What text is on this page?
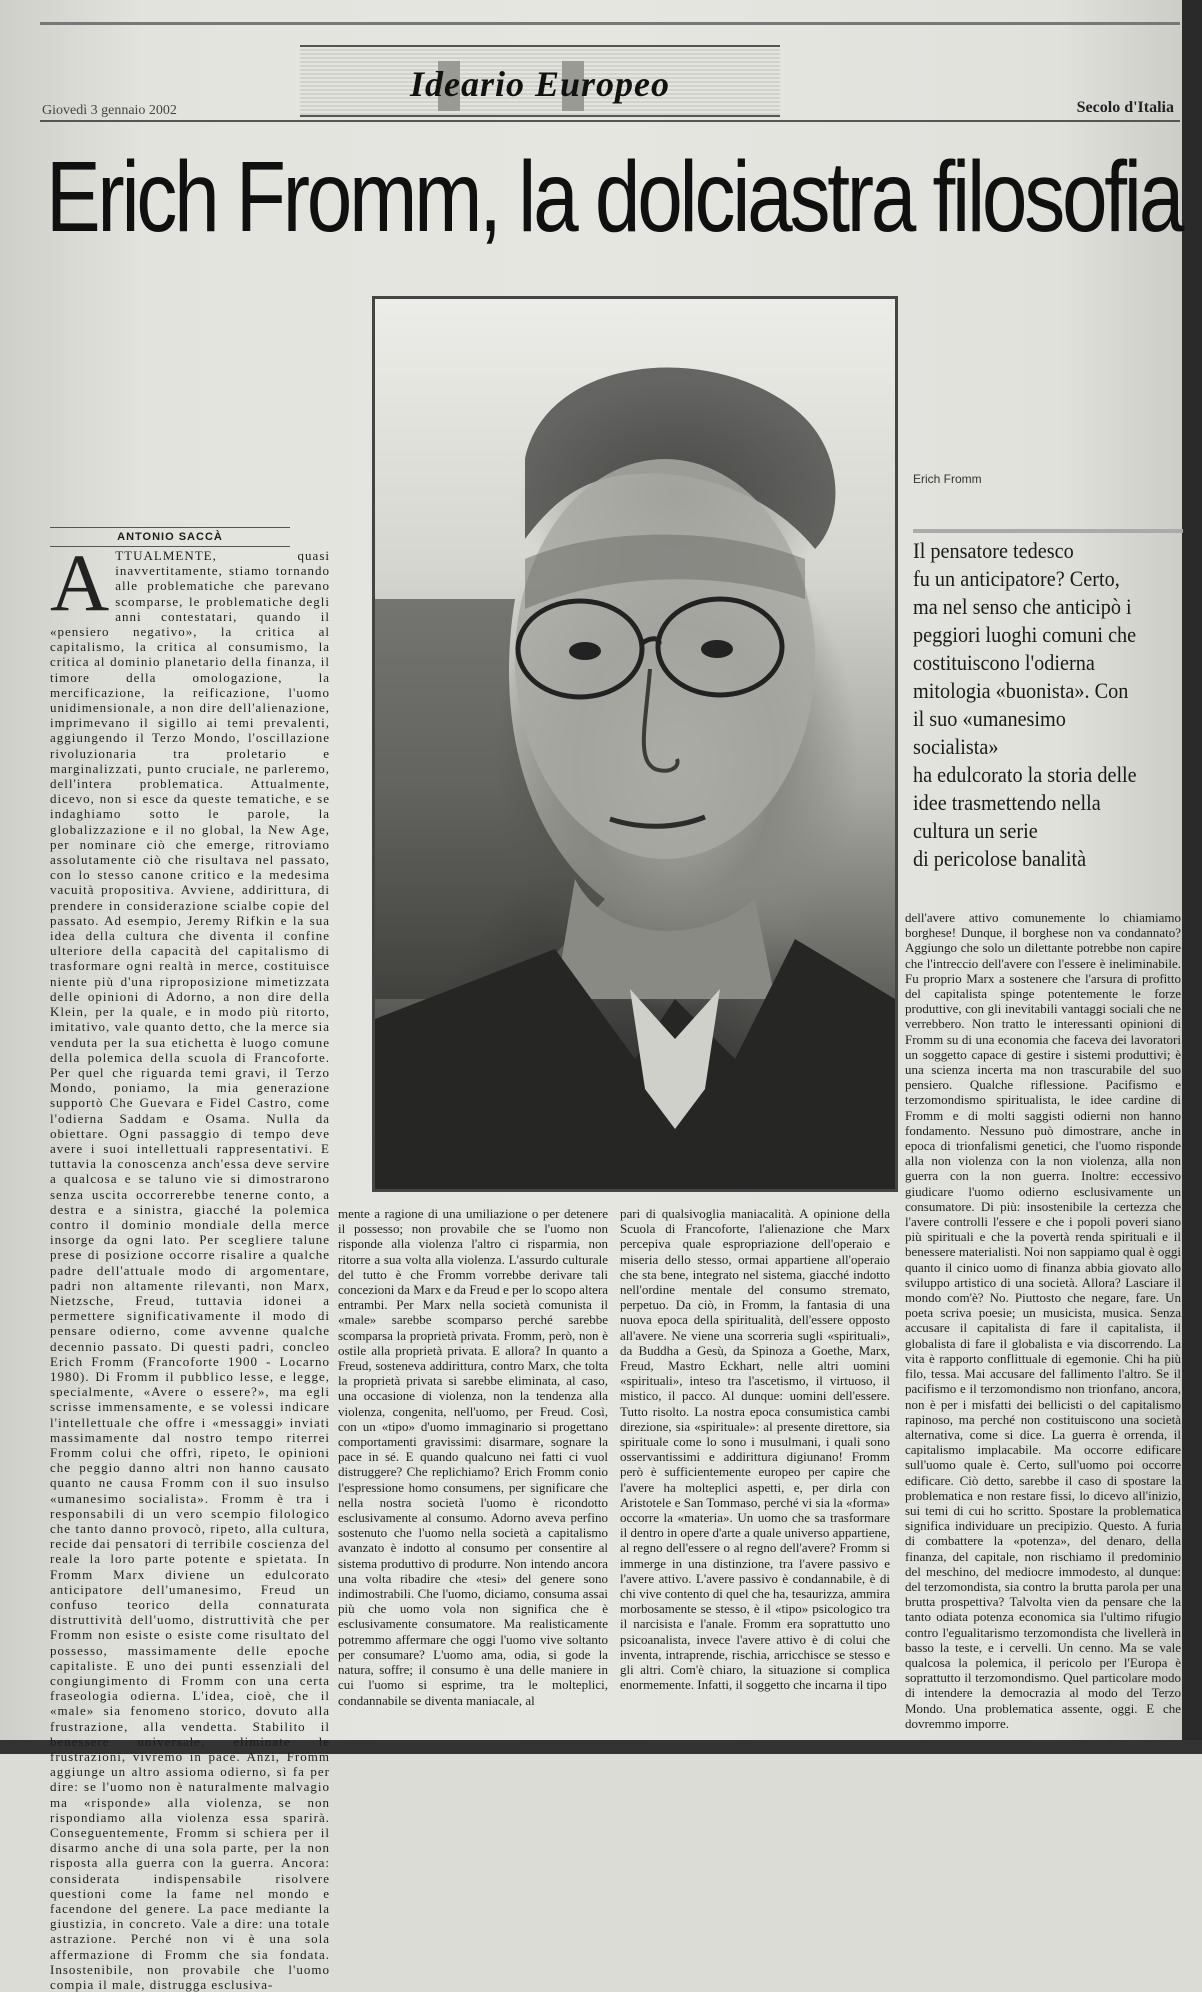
Giovedì 3 gennaio 2002
Ideario Europeo
Secolo d'Italia
Erich Fromm, la dolciastra filosofia
Erich Fromm
ANTONIO SACCÀ

ATTUALMENTE, quasi inavvertitamente, stiamo tornando alle problematiche che parevano scomparse, le problematiche degli anni contestatari, quando il «pensiero negativo», la critica al capitalismo, la critica al consumismo, la critica al dominio planetario della finanza, il timore della omologazione, la mercificazione, la reificazione, l'uomo unidimensionale, a non dire dell'alienazione, imprimevano il sigillo ai temi prevalenti, aggiungendo il Terzo Mondo, l'oscillazione rivoluzionaria tra proletario e marginalizzati, punto cruciale, ne parleremo, dell'intera problematica. Attualmente, dicevo, non si esce da queste tematiche, e se indaghiamo sotto le parole, la globalizzazione e il no global, la New Age, per nominare ciò che emerge, ritroviamo assolutamente ciò che risultava nel passato, con lo stesso canone critico e la medesima vacuità propositiva. Avviene, addirittura, di prendere in considerazione scialbe copie del passato. Ad esempio, Jeremy Rifkin e la sua idea della cultura che diventa il confine ulteriore della capacità del capitalismo di trasformare ogni realtà in merce, costituisce niente più d'una riproposizione mimetizzata delle opinioni di Adorno, a non dire della Klein, per la quale, e in modo più ritorto, imitativo, vale quanto detto, che la merce sia venduta per la sua etichetta è luogo comune della polemica della scuola di Francoforte. Per quel che riguarda temi gravi, il Terzo Mondo, poniamo, la mia generazione supportò Che Guevara e Fidel Castro, come l'odierna Saddam e Osama. Nulla da obiettare. Ogni passaggio di tempo deve avere i suoi intellettuali rappresentativi. E tuttavia la conoscenza anch'essa deve servire a qualcosa e se taluno vie si dimostrarono senza uscita occorrerebbe tenerne conto, a destra e a sinistra, giacché la polemica contro il dominio mondiale della merce insorge da ogni lato. Per scegliere talune prese di posizione occorre risalire a qualche padre dell'attuale modo di argomentare, padri non altamente rilevanti, non Marx, Nietzsche, Freud, tuttavia idonei a permettere significativamente il modo di pensare odierno, come avvenne qualche decennio passato. Di questi padri, concleo Erich Fromm (Francoforte 1900 - Locarno 1980). Di Fromm il pubblico lesse, e legge, specialmente, «Avere o essere?», ma egli scrisse immensamente, e se volessi indicare l'intellettuale che offre i «messaggi» inviati massimamente dal nostro tempo riterrei Fromm colui che offrì, ripeto, le opinioni che peggio danno altri non hanno causato quanto ne causa Fromm con il suo insulso «umanesimo socialista». Fromm è tra i responsabili di un vero scempio filologico che tanto danno provocò, ripeto, alla cultura, recide dai pensatori di terribile coscienza del reale la loro parte potente e spietata. In Fromm Marx diviene un edulcorato anticipatore dell'umanesimo, Freud un confuso teorico della connaturata distruttività dell'uomo, distruttività che per Fromm non esiste o esiste come risultato del possesso, massimamente delle epoche capitaliste. E uno dei punti essenziali del congiungimento di Fromm con una certa fraseologia odierna. L'idea, cioè, che il «male» sia fenomeno storico, dovuto alla frustrazione, alla vendetta. Stabilito il benessere universale, eliminate le frustrazioni, vivremo in pace. Anzi, Fromm aggiunge un altro assioma odierno, sì fa per dire: se l'uomo non è naturalmente malvagio ma «risponde» alla violenza, se non rispondiamo alla violenza essa sparirà. Conseguentemente, Fromm si schiera per il disarmo anche di una sola parte, per la non risposta alla guerra con la guerra. Ancora: considerata indispensabile risolvere questioni come la fame nel mondo e facendone del genere. La pace mediante la giustizia, in concreto. Vale a dire: una totale astrazione. Perché non vi è una sola affermazione di Fromm che sia fondata. Insostenibile, non provabile che l'uomo compia il male, distrugga esclusiva-

mente a ragione di una umiliazione o per detenere il possesso; non provabile che se l'uomo non risponde alla violenza l'altro ci risparmia, non ritorre a sua volta alla violenza. L'assurdo culturale del tutto è che Fromm vorrebbe derivare tali concezioni da Marx e da Freud e per lo scopo altera entrambi. Per Marx nella società comunista il «male» sarebbe scomparso perché sarebbe scomparsa la proprietà privata. Fromm, però, non è ostile alla proprietà privata. E allora? In quanto a Freud, sosteneva addirittura, contro Marx, che tolta la proprietà privata si sarebbe eliminata, al caso, una occasione di violenza, non la tendenza alla violenza, congenita, nell'uomo, per Freud. Così, con un «tipo» d'uomo immaginario si progettano comportamenti gravissimi: disarmare, sognare la pace in sé. E quando qualcuno nei fatti ci vuol distruggere? Che replichiamo? Erich Fromm conio l'espressione homo consumens, per significare che nella nostra società l'uomo è ricondotto esclusivamente al consumo. Adorno aveva perfino sostenuto che l'uomo nella società a capitalismo avanzato è indotto al consumo per consentire al sistema produttivo di produrre. Non intendo ancora una volta ribadire che «tesi» del genere sono indimostrabili. Che l'uomo, diciamo, consuma assai più che uomo vola non significa che è esclusivamente consumatore. Ma realisticamente potremmo affermare che oggi l'uomo vive soltanto per consumare? L'uomo ama, odia, si gode la natura, soffre; il consumo è una delle maniere in cui l'uomo si esprime, tra le molteplici, condannabile se diventa maniacale, al

pari di qualsivoglia maniacalità. A opinione della Scuola di Francoforte, l'alienazione che Marx percepiva quale espropriazione dell'operaio e miseria dello stesso, ormai appartiene all'operaio che sta bene, integrato nel sistema, giacché indotto nell'ordine mentale del consumo stremato, perpetuo. Da ciò, in Fromm, la fantasia di una nuova epoca della spiritualità, dell'essere opposto all'avere. Ne viene una scorreria sugli «spirituali», da Buddha a Gesù, da Spinoza a Goethe, Marx, Freud, Mastro Eckhart, nelle altri uomini «spirituali», inteso tra l'ascetismo, il virtuoso, il mistico, il pacco. Al dunque: uomini dell'essere. Tutto risolto. La nostra epoca consumistica cambi direzione, sia «spirituale»: al presente direttore, sia spirituale come lo sono i musulmani, i quali sono osservantissimi e addirittura digiunano! Fromm però è sufficientemente europeo per capire che l'avere ha molteplici aspetti, e, per dirla con Aristotele e San Tommaso, perché vi sia la «forma» occorre la «materia». Un uomo che sa trasformare il dentro in opere d'arte a quale universo appartiene, al regno dell'essere o al regno dell'avere? Fromm si immerge in una distinzione, tra l'avere passivo e l'avere attivo. L'avere passivo è condannabile, è di chi vive contento di quel che ha, tesaurizza, ammira morbosamente se stesso, è il «tipo» psicologico tra il narcisista e l'anale. Fromm era soprattutto uno psicoanalista, invece l'avere attivo è di colui che inventa, intraprende, rischia, arricchisce se stesso e gli altri. Com'è chiaro, la situazione si complica enormemente. Infatti, il soggetto che incarna il tipo

Il pensatore tedesco
fu un anticipatore? Certo,
ma nel senso che anticipò i
peggiori luoghi comuni che
costituiscono l'odierna
mitologia «buonista». Con
il suo «umanesimo
socialista»
ha edulcorato la storia delle
idee trasmettendo nella
cultura un serie
di pericolose banalità

dell'avere attivo comunemente lo chiamiamo borghese! Dunque, il borghese non va condannato? Aggiungo che solo un dilettante potrebbe non capire che l'intreccio dell'avere con l'essere è ineliminabile. Fu proprio Marx a sostenere che l'arsura di profitto del capitalista spinge potentemente le forze produttive, con gli inevitabili vantaggi sociali che ne verrebbero. Non tratto le interessanti opinioni di Fromm su di una economia che faceva dei lavoratori un soggetto capace di gestire i sistemi produttivi; è una scienza incerta ma non trascurabile del suo pensiero. Qualche riflessione. Pacifismo e terzomondismo spiritualista, le idee cardine di Fromm e di molti saggisti odierni non hanno fondamento. Nessuno può dimostrare, anche in epoca di trionfalismi genetici, che l'uomo risponde alla non violenza con la non violenza, alla non guerra con la non guerra. Inoltre: eccessivo giudicare l'uomo odierno esclusivamente un consumatore. Di più: insostenibile la certezza che l'avere controlli l'essere e che i popoli poveri siano più spirituali e che la povertà renda spirituali e il benessere materialisti. Noi non sappiamo qual è oggi quanto il cinico uomo di finanza abbia giovato allo sviluppo artistico di una società. Allora? Lasciare il mondo com'è? No. Piuttosto che negare, fare. Un poeta scriva poesie; un musicista, musica. Senza accusare il capitalista di fare il capitalista, il globalista di fare il globalista e via discorrendo. La vita è rapporto conflittuale di egemonie. Chi ha più filo, tessa. Mai accusare del fallimento l'altro. Se il pacifismo e il terzomondismo non trionfano, ancora, non è per i misfatti dei bellicisti o del capitalismo rapinoso, ma perché non costituiscono una società alternativa, come si dice. La guerra è orrenda, il capitalismo implacabile. Ma occorre edificare sull'uomo quale è. Certo, sull'uomo poi occorre edificare. Ciò detto, sarebbe il caso di spostare la problematica e non restare fissi, lo dicevo all'inizio, sui temi di cui ho scritto. Spostare la problematica significa individuare un precipizio. Questo. A furia di combattere la «potenza», del denaro, della finanza, del capitale, non rischiamo il predominio del meschino, del mediocre immodesto, al dunque: del terzomondista, sia contro la brutta parola per una brutta prospettiva? Talvolta vien da pensare che la tanto odiata potenza economica sia l'ultimo rifugio contro l'egualitarismo terzomondista che livellerà in basso la teste, e i cervelli. Un cenno. Ma se vale qualcosa la polemica, il pericolo per l'Europa è soprattutto il terzomondismo. Quel particolare modo di intendere la democrazia al modo del Terzo Mondo. Una problematica assente, oggi. E che dovremmo imporre.
